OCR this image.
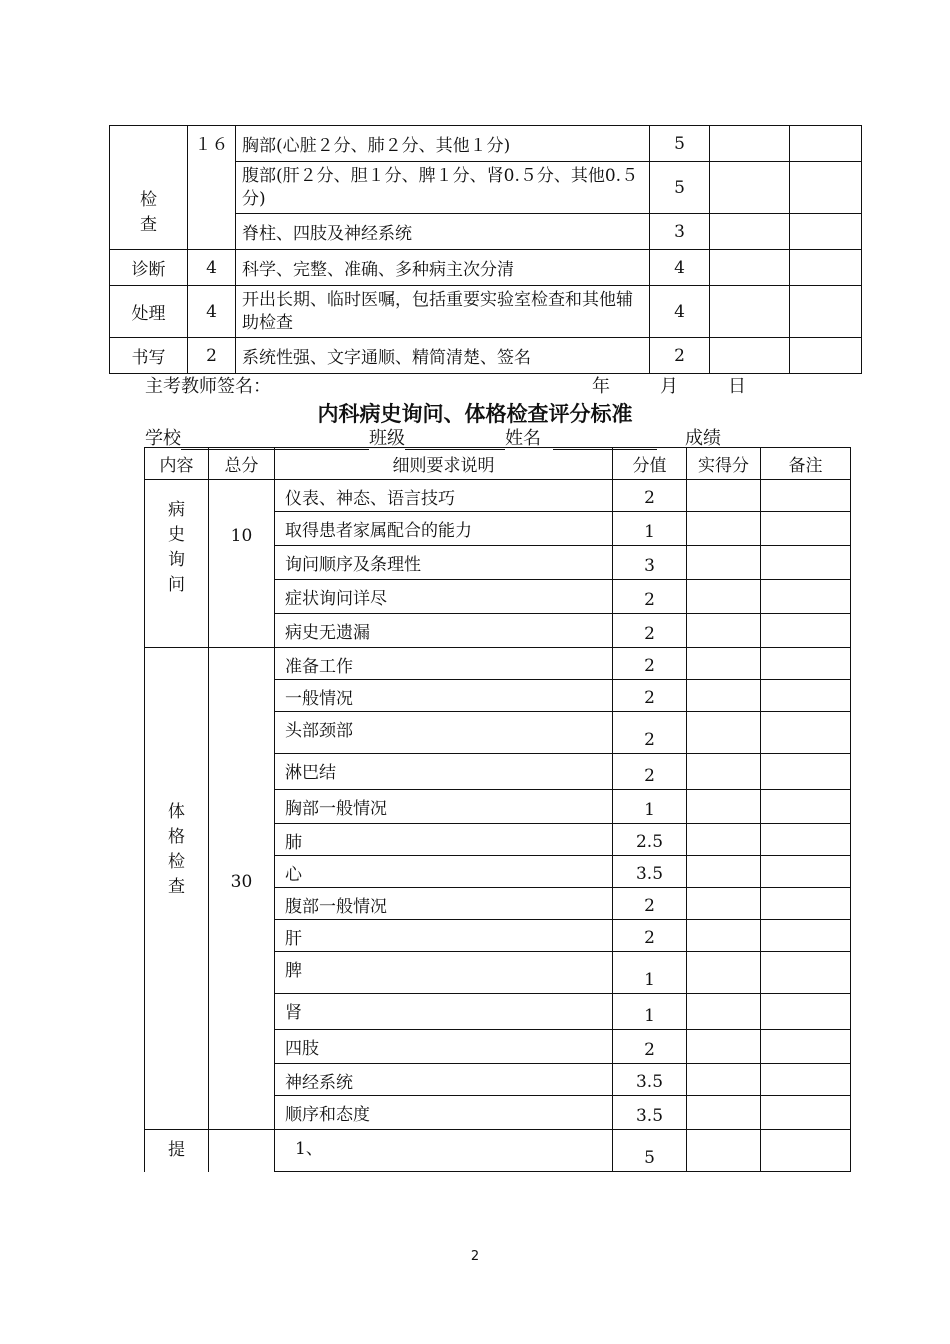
检查	１６	胸部(心脏２分、肺２分、其他１分)	5		
		腹部(肝２分、胆１分、脾１分、肾0.５分、其他0.５分)	5		
		脊柱、四肢及神经系统	3		
诊断	4	科学、完整、准确、多种病主次分清	4		
处理	4	开出长期、临时医嘱，包括重要实验室检查和其他辅助检查	4		
书写	2	系统性强、文字通顺、精简清楚、签名	2		
主考教师签名：	年	月	日
内科病史询问、体格检查评分标准
学校	班级	姓名	成绩
内容	总分	细则要求说明	分值	实得分	备注
病史询问	10	仪表、神态、语言技巧	2		
		取得患者家属配合的能力	1		
		询问顺序及条理性	3		
		症状询问详尽	2		
		病史无遗漏	2		
体格检查	30	准备工作	2		
		一般情况	2		
		头部颈部	2		
		淋巴结	2		
		胸部一般情况	1		
		肺	2.5		
		心	3.5		
		腹部一般情况	2		
		肝	2		
		脾	1		
		肾	1		
		四肢	2		
		神经系统	3.5		
		顺序和态度	3.5		
提		1、	5		
2
